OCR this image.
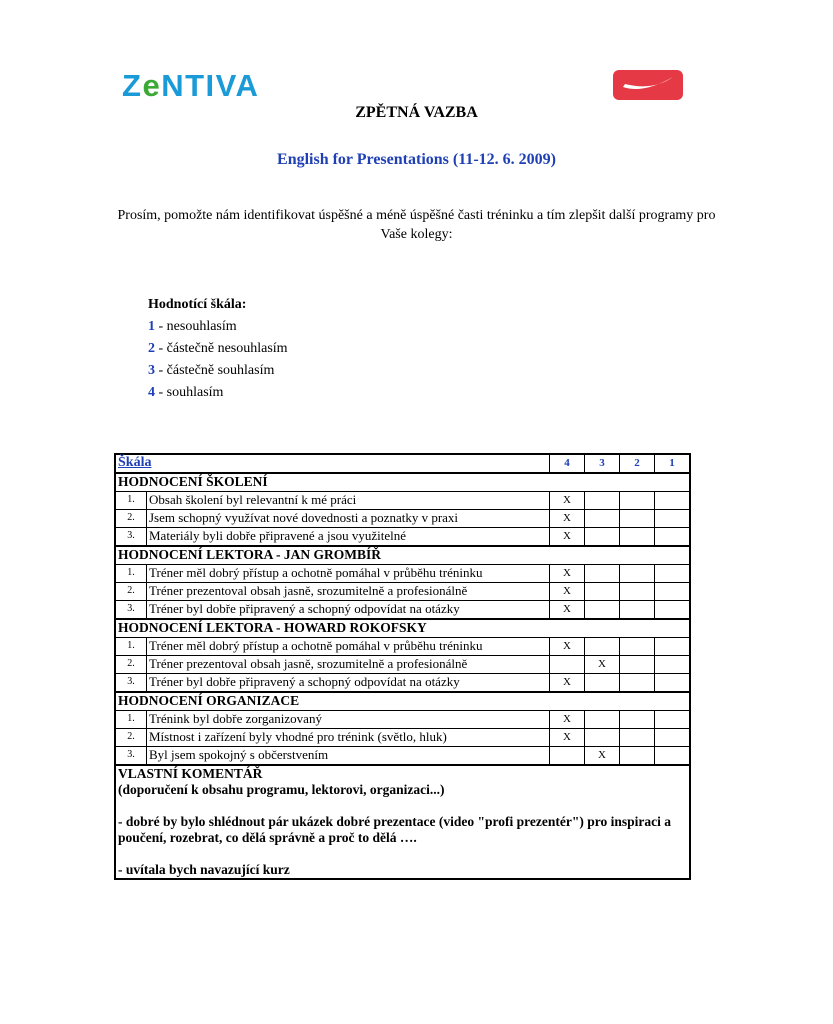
ZeNTIVA
ZPĚTNÁ VAZBA
English for Presentations (11-12. 6. 2009)
Prosím, pomožte nám identifikovat úspěšné a méně úspěšné časti tréninku a tím zlepšit další programy pro Vaše kolegy:
Hodnotící škála:
1 - nesouhlasím
2 - částečně nesouhlasím
3 - částečně souhlasím
4 - souhlasím
Škála		4	3	2	1
HODNOCENÍ ŠKOLENÍ					
1.	Obsah školení byl relevantní k mé práci	X			
2.	Jsem schopný využívat nové dovednosti a poznatky v praxi	X			
3.	Materiály byli dobře připravené a jsou využitelné	X			
HODNOCENÍ LEKTORA - JAN GROMBÍŘ					
1.	Tréner měl dobrý přístup a ochotně pomáhal v průběhu tréninku	X			
2.	Tréner prezentoval obsah jasně, srozumitelně a profesionálně	X			
3.	Tréner byl dobře připravený a schopný odpovídat na otázky	X			
HODNOCENÍ LEKTORA - HOWARD ROKOFSKY					
1.	Tréner měl dobrý přístup a ochotně pomáhal v průběhu tréninku	X			
2.	Tréner prezentoval obsah jasně, srozumitelně a profesionálně		X		
3.	Tréner byl dobře připravený a schopný odpovídat na otázky	X			
HODNOCENÍ ORGANIZACE					
1.	Trénink byl dobře zorganizovaný	X			
2.	Místnost i zařízení byly vhodné pro trénink (světlo, hluk)	X			
3.	Byl jsem spokojný s občerstvením		X		

VLASTNÍ KOMENTÁŘ
(doporučení k obsahu programu, lektorovi, organizaci...)

- dobré by bylo shlédnout pár ukázek dobré prezentace (video "profi prezentér") pro inspiraci a poučení, rozebrat, co dělá správně a proč to dělá ….

- uvítala bych navazující kurz					
